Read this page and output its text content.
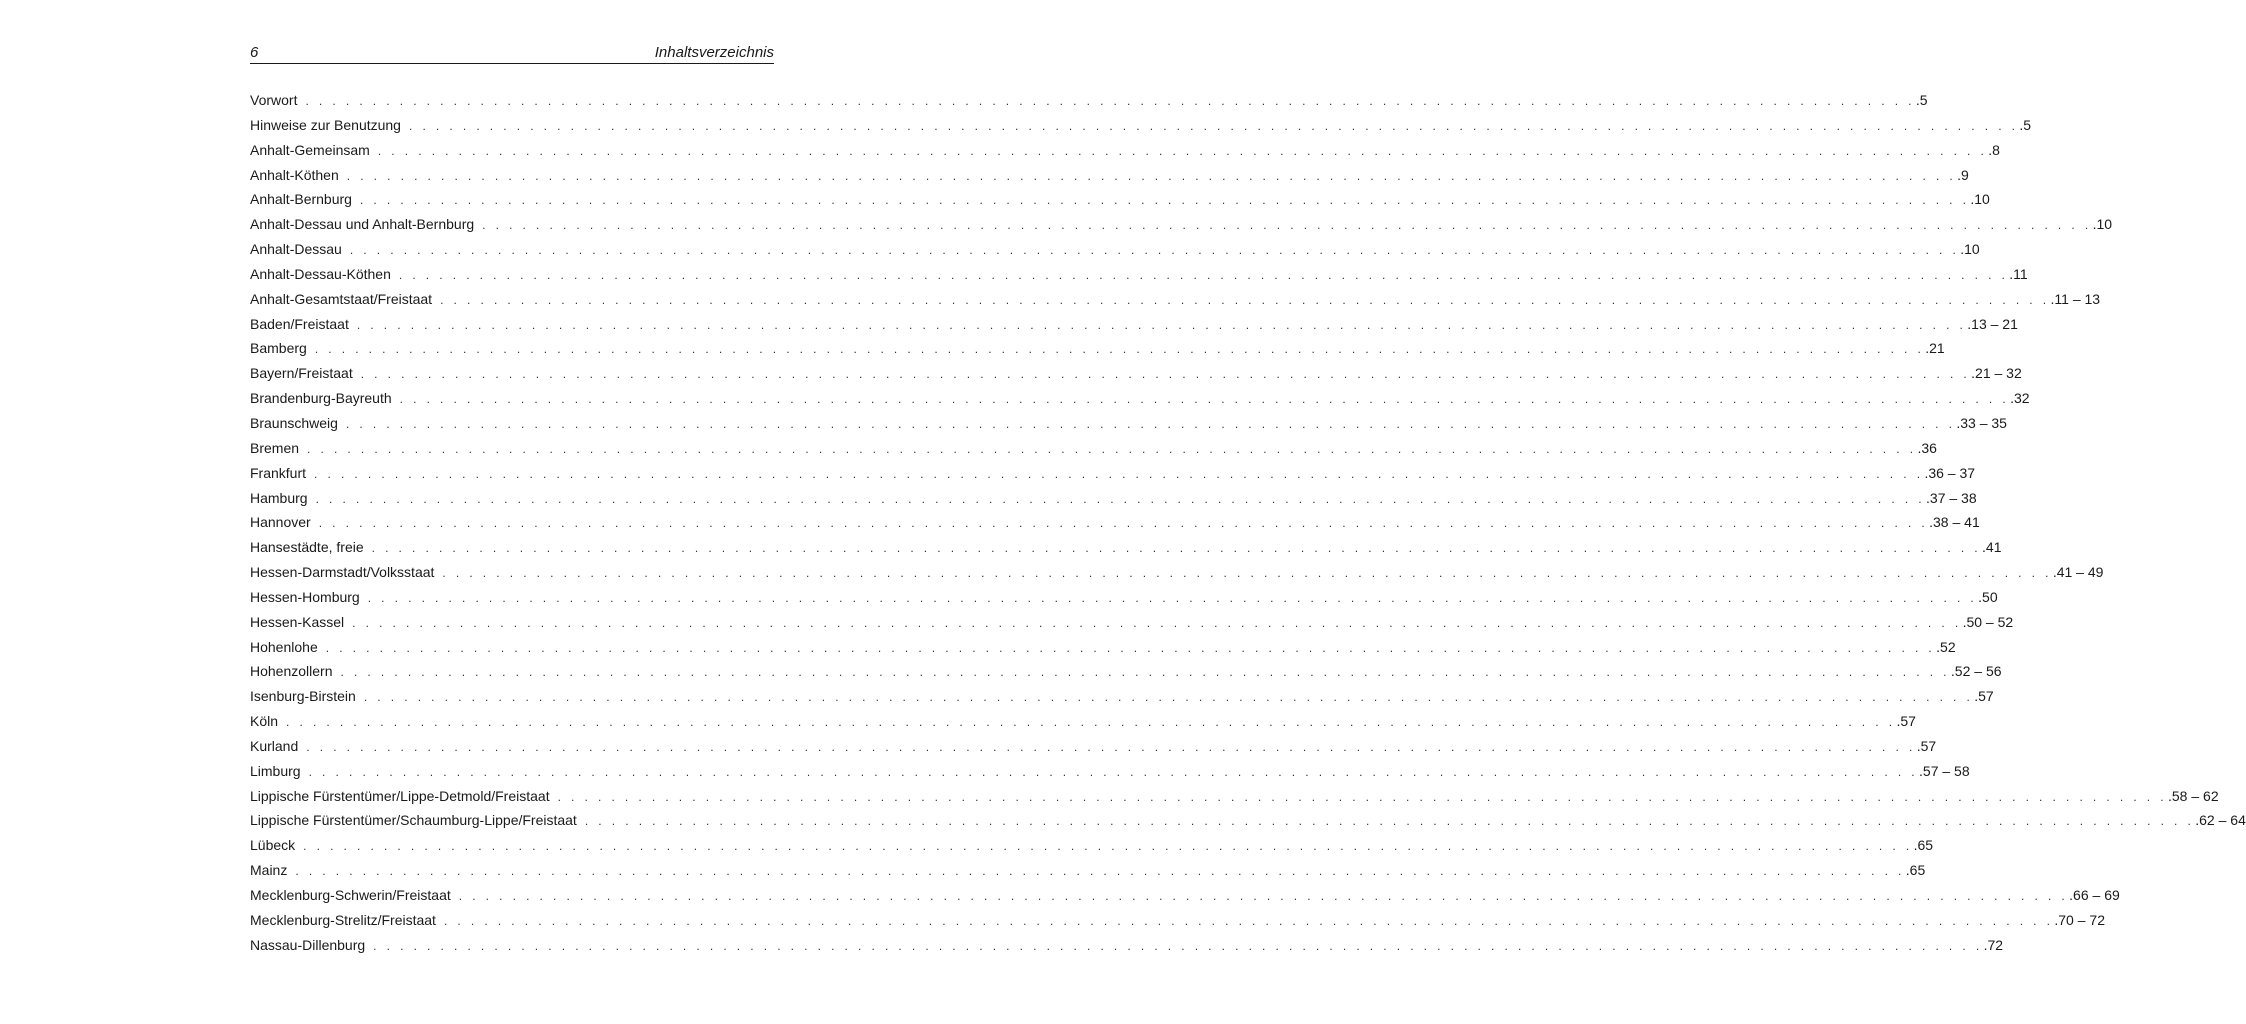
6	Inhaltsverzeichnis
Vorwort . . . . . . . . . . . . . . . . . . . . . . . . . . . . . . . . . . . . . . . . . . . . . . . . . . . . . . . . . . . . . . . . . . . . . . . . . . . . . . . . . . . . . . . . . . . . . . . . . . . . . . . . . . . . . . . . . . . . . . . . .5
Hinweise zur Benutzung . . . . . . . . . . . . . . . . . . . . . . . . . . . . . . . . . . . . . . . . . . . . . . . . . . . . . . . . . . . . . . . . . . . . . . . . . . . . . . . . . . . . . . . . . . . . . . . . . . . . . . . . . . . . . . . . . . . . . . . . .5
Anhalt-Gemeinsam . . . . . . . . . . . . . . . . . . . . . . . . . . . . . . . . . . . . . . . . . . . . . . . . . . . . . . . . . . . . . . . . . . . . . . . . . . . . . . . . . . . . . . . . . . . . . . . . . . . . . . . . . . . . . . . . . . . . . . . . .8
Anhalt-Köthen . . . . . . . . . . . . . . . . . . . . . . . . . . . . . . . . . . . . . . . . . . . . . . . . . . . . . . . . . . . . . . . . . . . . . . . . . . . . . . . . . . . . . . . . . . . . . . . . . . . . . . . . . . . . . . . . . . . . . . . . .9
Anhalt-Bernburg . . . . . . . . . . . . . . . . . . . . . . . . . . . . . . . . . . . . . . . . . . . . . . . . . . . . . . . . . . . . . . . . . . . . . . . . . . . . . . . . . . . . . . . . . . . . . . . . . . . . . . . . . . . . . . . . . . . . . . . . .10
Anhalt-Dessau und Anhalt-Bernburg . . . . . . . . . . . . . . . . . . . . . . . . . . . . . . . . . . . . . . . . . . . . . . . . . . . . . . . . . . . . . . . . . . . . . . . . . . . . . . . . . . . . . . . . . . . . . . . . . . . . . . . . . . . . . . . . . . . . . . . . .10
Anhalt-Dessau . . . . . . . . . . . . . . . . . . . . . . . . . . . . . . . . . . . . . . . . . . . . . . . . . . . . . . . . . . . . . . . . . . . . . . . . . . . . . . . . . . . . . . . . . . . . . . . . . . . . . . . . . . . . . . . . . . . . . . . . .10
Anhalt-Dessau-Köthen . . . . . . . . . . . . . . . . . . . . . . . . . . . . . . . . . . . . . . . . . . . . . . . . . . . . . . . . . . . . . . . . . . . . . . . . . . . . . . . . . . . . . . . . . . . . . . . . . . . . . . . . . . . . . . . . . . . . . . . . .11
Anhalt-Gesamtstaat/Freistaat . . . . . . . . . . . . . . . . . . . . . . . . . . . . . . . . . . . . . . . . . . . . . . . . . . . . . . . . . . . . . . . . . . . . . . . . . . . . . . . . . . . . . . . . . . . . . . . . . . . . . . . . . . . . . . . . . . . . . . . . .11 – 13
Baden/Freistaat . . . . . . . . . . . . . . . . . . . . . . . . . . . . . . . . . . . . . . . . . . . . . . . . . . . . . . . . . . . . . . . . . . . . . . . . . . . . . . . . . . . . . . . . . . . . . . . . . . . . . . . . . . . . . . . . . . . . . . . . .13 – 21
Bamberg . . . . . . . . . . . . . . . . . . . . . . . . . . . . . . . . . . . . . . . . . . . . . . . . . . . . . . . . . . . . . . . . . . . . . . . . . . . . . . . . . . . . . . . . . . . . . . . . . . . . . . . . . . . . . . . . . . . . . . . . .21
Bayern/Freistaat . . . . . . . . . . . . . . . . . . . . . . . . . . . . . . . . . . . . . . . . . . . . . . . . . . . . . . . . . . . . . . . . . . . . . . . . . . . . . . . . . . . . . . . . . . . . . . . . . . . . . . . . . . . . . . . . . . . . . . . . .21 – 32
Brandenburg-Bayreuth . . . . . . . . . . . . . . . . . . . . . . . . . . . . . . . . . . . . . . . . . . . . . . . . . . . . . . . . . . . . . . . . . . . . . . . . . . . . . . . . . . . . . . . . . . . . . . . . . . . . . . . . . . . . . . . . . . . . . . . . .32
Braunschweig . . . . . . . . . . . . . . . . . . . . . . . . . . . . . . . . . . . . . . . . . . . . . . . . . . . . . . . . . . . . . . . . . . . . . . . . . . . . . . . . . . . . . . . . . . . . . . . . . . . . . . . . . . . . . . . . . . . . . . . . .33 – 35
Bremen . . . . . . . . . . . . . . . . . . . . . . . . . . . . . . . . . . . . . . . . . . . . . . . . . . . . . . . . . . . . . . . . . . . . . . . . . . . . . . . . . . . . . . . . . . . . . . . . . . . . . . . . . . . . . . . . . . . . . . . . .36
Frankfurt . . . . . . . . . . . . . . . . . . . . . . . . . . . . . . . . . . . . . . . . . . . . . . . . . . . . . . . . . . . . . . . . . . . . . . . . . . . . . . . . . . . . . . . . . . . . . . . . . . . . . . . . . . . . . . . . . . . . . . . . .36 – 37
Hamburg . . . . . . . . . . . . . . . . . . . . . . . . . . . . . . . . . . . . . . . . . . . . . . . . . . . . . . . . . . . . . . . . . . . . . . . . . . . . . . . . . . . . . . . . . . . . . . . . . . . . . . . . . . . . . . . . . . . . . . . . .37 – 38
Hannover . . . . . . . . . . . . . . . . . . . . . . . . . . . . . . . . . . . . . . . . . . . . . . . . . . . . . . . . . . . . . . . . . . . . . . . . . . . . . . . . . . . . . . . . . . . . . . . . . . . . . . . . . . . . . . . . . . . . . . . . .38 – 41
Hansestädte, freie . . . . . . . . . . . . . . . . . . . . . . . . . . . . . . . . . . . . . . . . . . . . . . . . . . . . . . . . . . . . . . . . . . . . . . . . . . . . . . . . . . . . . . . . . . . . . . . . . . . . . . . . . . . . . . . . . . . . . . . . .41
Hessen-Darmstadt/Volksstaat . . . . . . . . . . . . . . . . . . . . . . . . . . . . . . . . . . . . . . . . . . . . . . . . . . . . . . . . . . . . . . . . . . . . . . . . . . . . . . . . . . . . . . . . . . . . . . . . . . . . . . . . . . . . . . . . . . . . . . . . .41 – 49
Hessen-Homburg . . . . . . . . . . . . . . . . . . . . . . . . . . . . . . . . . . . . . . . . . . . . . . . . . . . . . . . . . . . . . . . . . . . . . . . . . . . . . . . . . . . . . . . . . . . . . . . . . . . . . . . . . . . . . . . . . . . . . . . . .50
Hessen-Kassel . . . . . . . . . . . . . . . . . . . . . . . . . . . . . . . . . . . . . . . . . . . . . . . . . . . . . . . . . . . . . . . . . . . . . . . . . . . . . . . . . . . . . . . . . . . . . . . . . . . . . . . . . . . . . . . . . . . . . . . . .50 – 52
Hohenlohe . . . . . . . . . . . . . . . . . . . . . . . . . . . . . . . . . . . . . . . . . . . . . . . . . . . . . . . . . . . . . . . . . . . . . . . . . . . . . . . . . . . . . . . . . . . . . . . . . . . . . . . . . . . . . . . . . . . . . . . . .52
Hohenzollern . . . . . . . . . . . . . . . . . . . . . . . . . . . . . . . . . . . . . . . . . . . . . . . . . . . . . . . . . . . . . . . . . . . . . . . . . . . . . . . . . . . . . . . . . . . . . . . . . . . . . . . . . . . . . . . . . . . . . . . . .52 – 56
Isenburg-Birstein . . . . . . . . . . . . . . . . . . . . . . . . . . . . . . . . . . . . . . . . . . . . . . . . . . . . . . . . . . . . . . . . . . . . . . . . . . . . . . . . . . . . . . . . . . . . . . . . . . . . . . . . . . . . . . . . . . . . . . . . .57
Köln . . . . . . . . . . . . . . . . . . . . . . . . . . . . . . . . . . . . . . . . . . . . . . . . . . . . . . . . . . . . . . . . . . . . . . . . . . . . . . . . . . . . . . . . . . . . . . . . . . . . . . . . . . . . . . . . . . . . . . . . .57
Kurland . . . . . . . . . . . . . . . . . . . . . . . . . . . . . . . . . . . . . . . . . . . . . . . . . . . . . . . . . . . . . . . . . . . . . . . . . . . . . . . . . . . . . . . . . . . . . . . . . . . . . . . . . . . . . . . . . . . . . . . . .57
Limburg . . . . . . . . . . . . . . . . . . . . . . . . . . . . . . . . . . . . . . . . . . . . . . . . . . . . . . . . . . . . . . . . . . . . . . . . . . . . . . . . . . . . . . . . . . . . . . . . . . . . . . . . . . . . . . . . . . . . . . . . .57 – 58
Lippische Fürstentümer/Lippe-Detmold/Freistaat . . . . . . . . . . . . . . . . . . . . . . . . . . . . . . . . . . . . . . . . . . . . . . . . . . . . . . . . . . . . . . . . . . . . . . . . . . . . . . . . . . . . . . . . . . . . . . . . . . . . . . . . . . . . . . . . . . . . . . . . .58 – 62
Lippische Fürstentümer/Schaumburg-Lippe/Freistaat . . . . . . . . . . . . . . . . . . . . . . . . . . . . . . . . . . . . . . . . . . . . . . . . . . . . . . . . . . . . . . . . . . . . . . . . . . . . . . . . . . . . . . . . . . . . . . . . . . . . . . . . . . . . . . . . . . . . . . . . .62 – 64
Lübeck . . . . . . . . . . . . . . . . . . . . . . . . . . . . . . . . . . . . . . . . . . . . . . . . . . . . . . . . . . . . . . . . . . . . . . . . . . . . . . . . . . . . . . . . . . . . . . . . . . . . . . . . . . . . . . . . . . . . . . . . .65
Mainz . . . . . . . . . . . . . . . . . . . . . . . . . . . . . . . . . . . . . . . . . . . . . . . . . . . . . . . . . . . . . . . . . . . . . . . . . . . . . . . . . . . . . . . . . . . . . . . . . . . . . . . . . . . . . . . . . . . . . . . . .65
Mecklenburg-Schwerin/Freistaat . . . . . . . . . . . . . . . . . . . . . . . . . . . . . . . . . . . . . . . . . . . . . . . . . . . . . . . . . . . . . . . . . . . . . . . . . . . . . . . . . . . . . . . . . . . . . . . . . . . . . . . . . . . . . . . . . . . . . . . . .66 – 69
Mecklenburg-Strelitz/Freistaat . . . . . . . . . . . . . . . . . . . . . . . . . . . . . . . . . . . . . . . . . . . . . . . . . . . . . . . . . . . . . . . . . . . . . . . . . . . . . . . . . . . . . . . . . . . . . . . . . . . . . . . . . . . . . . . . . . . . . . . . .70 – 72
Nassau-Dillenburg . . . . . . . . . . . . . . . . . . . . . . . . . . . . . . . . . . . . . . . . . . . . . . . . . . . . . . . . . . . . . . . . . . . . . . . . . . . . . . . . . . . . . . . . . . . . . . . . . . . . . . . . . . . . . . . . . . . . . . . . .72
